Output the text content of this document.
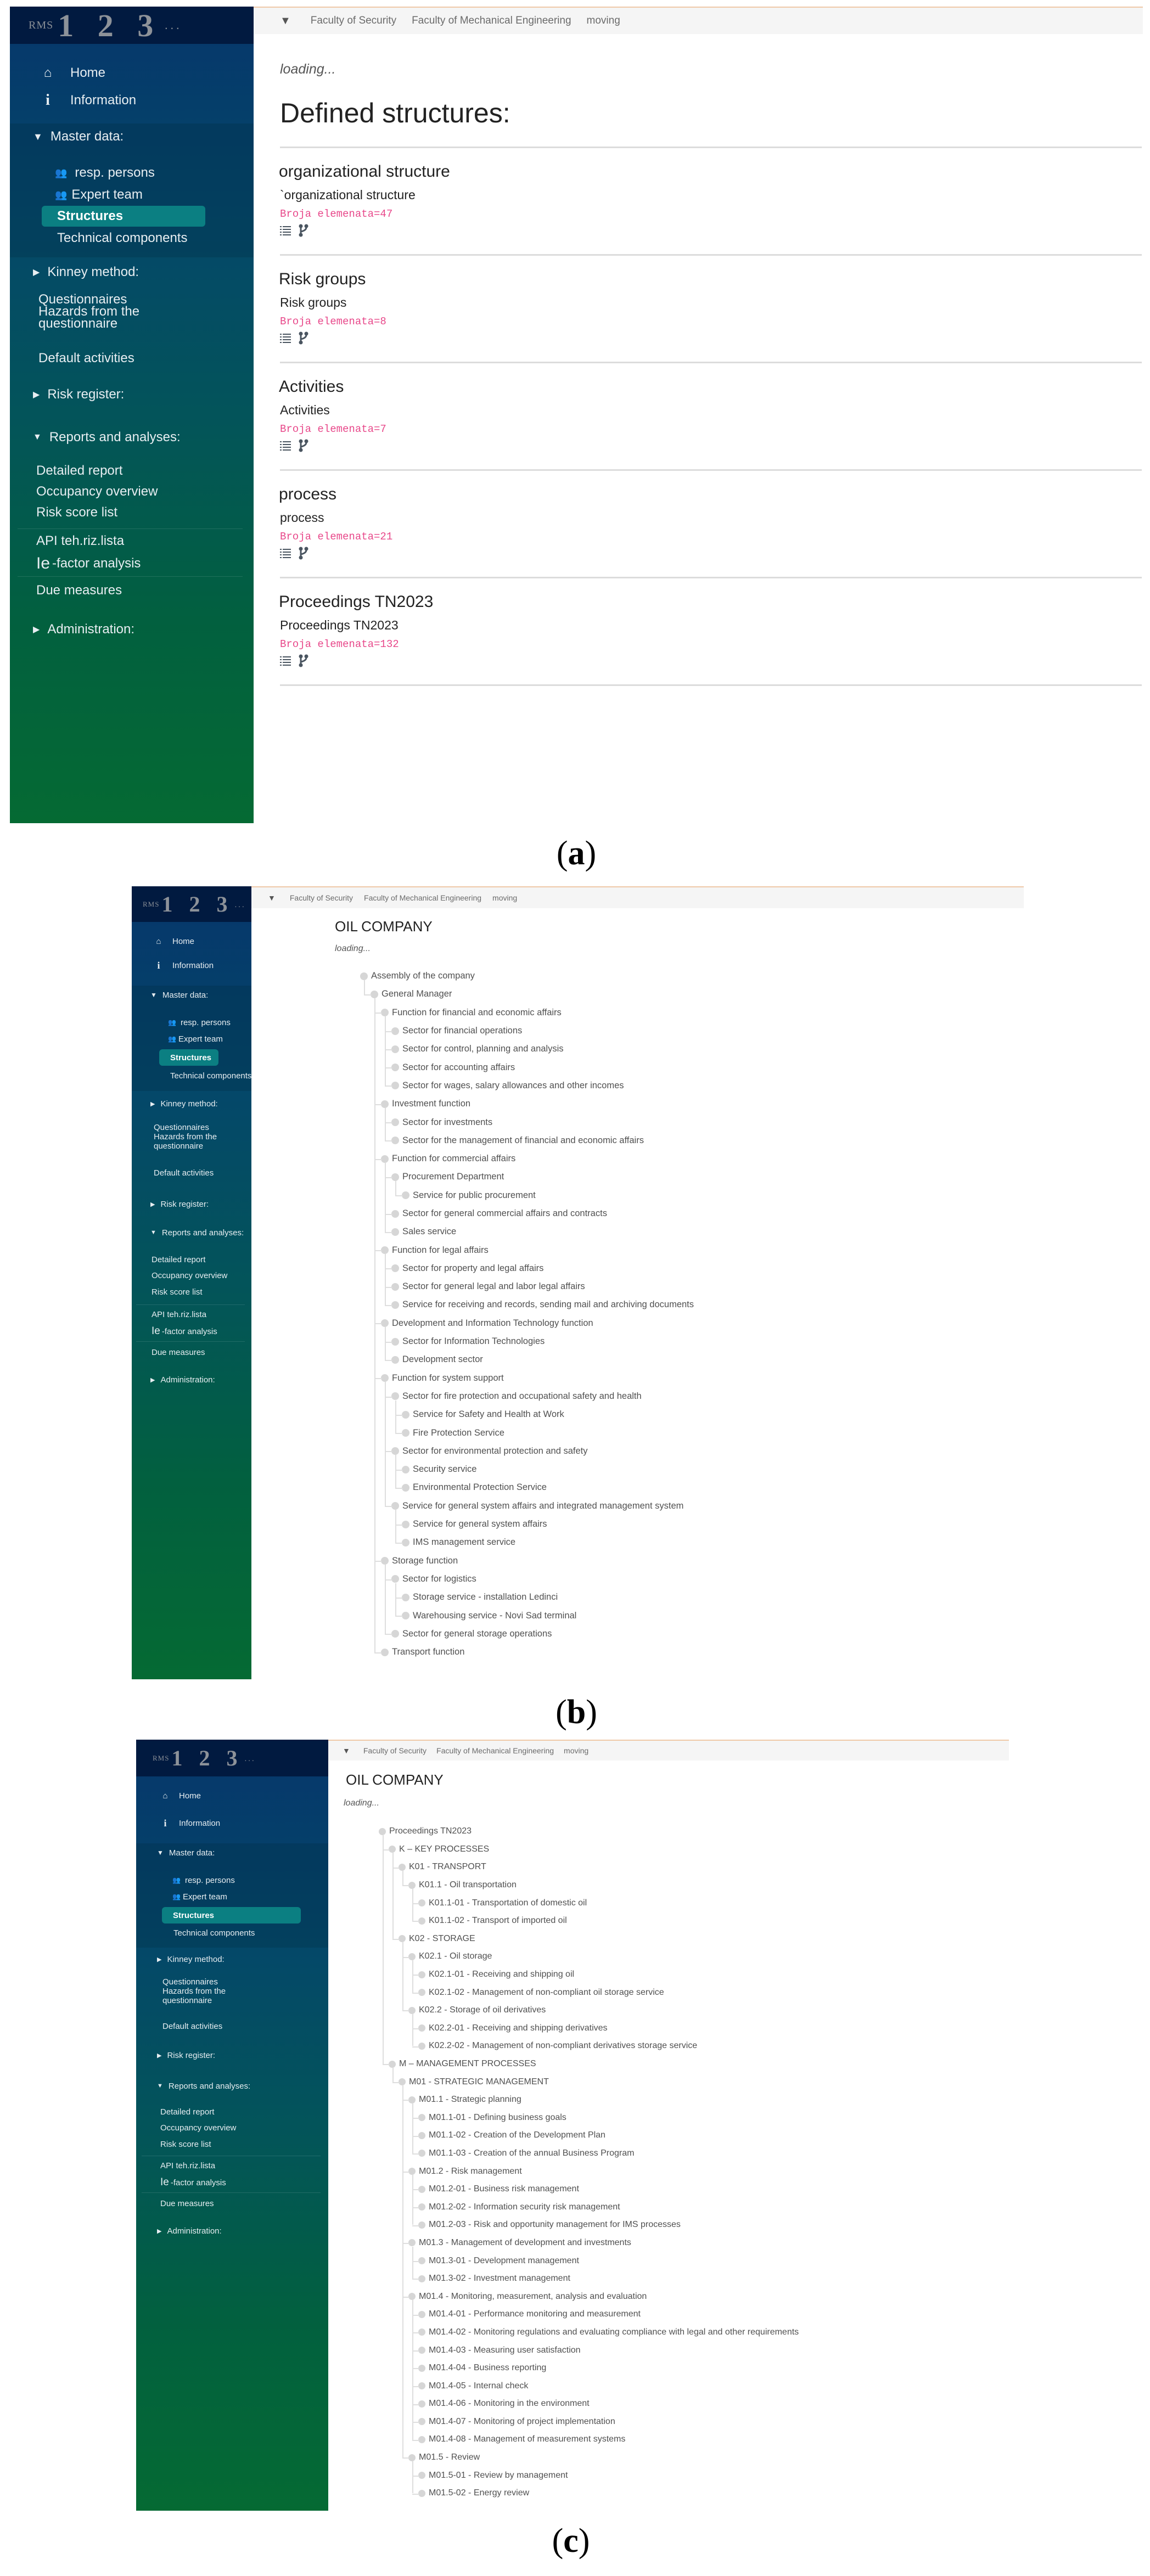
RMS 1 2 3 ...
⌂	Home
i	Information
▼ Master data:
👥 resp. persons
👥 Expert team
Structures
Technical components
▶ Kinney method:
Questionnaires
Hazards from the
questionnaire
Default activities
▶ Risk register:
▼ Reports and analyses:
Detailed report
Occupancy overview
Risk score list
API teh.riz.lista
Ie -factor analysis
Due measures
▶ Administration:
▼ Faculty of Security Faculty of Mechanical Engineering moving
loading...
Defined structures:
organizational structure
`organizational structure
Broja elemenata=47
Risk groups
Risk groups
Broja elemenata=8
Activities
Activities
Broja elemenata=7
process
process
Broja elemenata=21
Proceedings TN2023
Proceedings TN2023
Broja elemenata=132
(a)
RMS 1 2 3 ...
⌂ Home
i	Information
▼ Master data:
👥 resp. persons
👥 Expert team
Structures
Technical components
▶ Kinney method:
Questionnaires
Hazards from the
questionnaire
Default activities
▶ Risk register:
▼ Reports and analyses:
Detailed report
Occupancy overview
Risk score list
API teh.riz.lista
Ie -factor analysis
Due measures
▶ Administration:
▼ Faculty of Security Faculty of Mechanical Engineering moving
OIL COMPANY
loading...
Assembly of the company
General Manager
Function for financial and economic affairs
Sector for financial operations
Sector for control, planning and analysis
Sector for accounting affairs
Sector for wages, salary allowances and other incomes
Investment function
Sector for investments
Sector for the management of financial and economic affairs
Function for commercial affairs
Procurement Department
Service for public procurement
Sector for general commercial affairs and contracts
Sales service
Function for legal affairs
Sector for property and legal affairs
Sector for general legal and labor legal affairs
Service for receiving and records, sending mail and archiving documents
Development and Information Technology function
Sector for Information Technologies
Development sector
Function for system support
Sector for fire protection and occupational safety and health
Service for Safety and Health at Work
Fire Protection Service
Sector for environmental protection and safety
Security service
Environmental Protection Service
Service for general system affairs and integrated management system
Service for general system affairs
IMS management service
Storage function
Sector for logistics
Storage service - installation Ledinci
Warehousing service - Novi Sad terminal
Sector for general storage operations
Transport function
(b)
RMS 1 2 3 ...
⌂ Home
i	Information
▼ Master data:
👥 resp. persons
👥 Expert team
Structures
Technical components
▶ Kinney method:
Questionnaires
Hazards from the
questionnaire
Default activities
▶ Risk register:
▼ Reports and analyses:
Detailed report
Occupancy overview
Risk score list
API teh.riz.lista
Ie -factor analysis
Due measures
▶ Administration:
▼ Faculty of Security Faculty of Mechanical Engineering moving
OIL COMPANY
loading...
Proceedings TN2023
K – KEY PROCESSES
K01 - TRANSPORT
K01.1 - Oil transportation
K01.1-01 - Transportation of domestic oil
K01.1-02 - Transport of imported oil
K02 - STORAGE
K02.1 - Oil storage
K02.1-01 - Receiving and shipping oil
K02.1-02 - Management of non-compliant oil storage service
K02.2 - Storage of oil derivatives
K02.2-01 - Receiving and shipping derivatives
K02.2-02 - Management of non-compliant derivatives storage service
M – MANAGEMENT PROCESSES
M01 - STRATEGIC MANAGEMENT
M01.1 - Strategic planning
M01.1-01 - Defining business goals
M01.1-02 - Creation of the Development Plan
M01.1-03 - Creation of the annual Business Program
M01.2 - Risk management
M01.2-01 - Business risk management
M01.2-02 - Information security risk management
M01.2-03 - Risk and opportunity management for IMS processes
M01.3 - Management of development and investments
M01.3-01 - Development management
M01.3-02 - Investment management
M01.4 - Monitoring, measurement, analysis and evaluation
M01.4-01 - Performance monitoring and measurement
M01.4-02 - Monitoring regulations and evaluating compliance with legal and other requirements
M01.4-03 - Measuring user satisfaction
M01.4-04 - Business reporting
M01.4-05 - Internal check
M01.4-06 - Monitoring in the environment
M01.4-07 - Monitoring of project implementation
M01.4-08 - Management of measurement systems
M01.5 - Review
M01.5-01 - Review by management
M01.5-02 - Energy review
(c)
